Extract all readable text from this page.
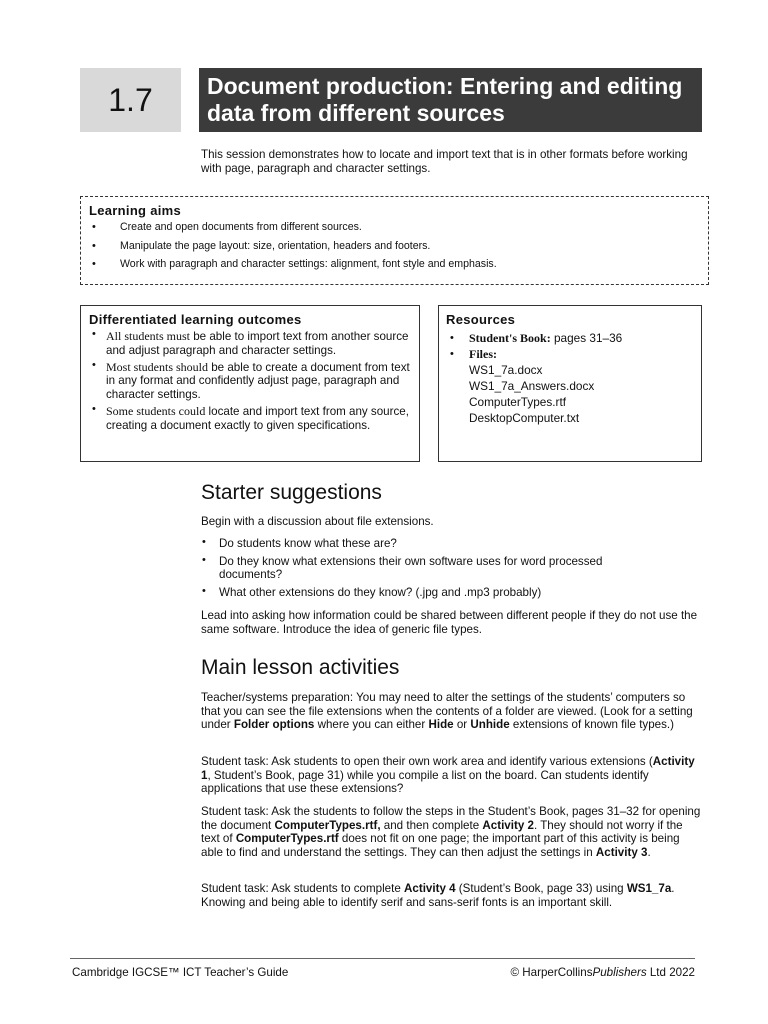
1.7	Document production: Entering and editing data from different sources

This session demonstrates how to locate and import text that is in other formats before working with page, paragraph and character settings.

Learning aims
• Create and open documents from different sources.
• Manipulate the page layout: size, orientation, headers and footers.
• Work with paragraph and character settings: alignment, font style and emphasis.
Differentiated learning outcomes
• All students must be able to import text from another source and adjust paragraph and character settings.
• Most students should be able to create a document from text in any format and confidently adjust page, paragraph and character settings.
• Some students could locate and import text from any source, creating a document exactly to given specifications.
Resources
• Student's Book: pages 31–36
• Files:
WS1_7a.docx
WS1_7a_Answers.docx
ComputerTypes.rtf
DesktopComputer.txt
Starter suggestions

Begin with a discussion about file extensions.

• Do students know what these are?
• Do they know what extensions their own software uses for word processed documents?
• What other extensions do they know? (.jpg and .mp3 probably)

Lead into asking how information could be shared between different people if they do not use the same software. Introduce the idea of generic file types.

Main lesson activities

Teacher/systems preparation: You may need to alter the settings of the students’ computers so that you can see the file extensions when the contents of a folder are viewed. (Look for a setting under Folder options where you can either Hide or Unhide extensions of known file types.)

Student task: Ask students to open their own work area and identify various extensions (Activity 1, Student’s Book, page 31) while you compile a list on the board. Can students identify applications that use these extensions?

Student task: Ask the students to follow the steps in the Student’s Book, pages 31–32 for opening the document ComputerTypes.rtf, and then complete Activity 2. They should not worry if the text of ComputerTypes.rtf does not fit on one page; the important part of this activity is being able to find and understand the settings. They can then adjust the settings in Activity 3.

Student task: Ask students to complete Activity 4 (Student’s Book, page 33) using WS1_7a. Knowing and being able to identify serif and sans-serif fonts is an important skill.

Cambridge IGCSE™ ICT Teacher’s Guide	© HarperCollinsPublishers Ltd 2022
